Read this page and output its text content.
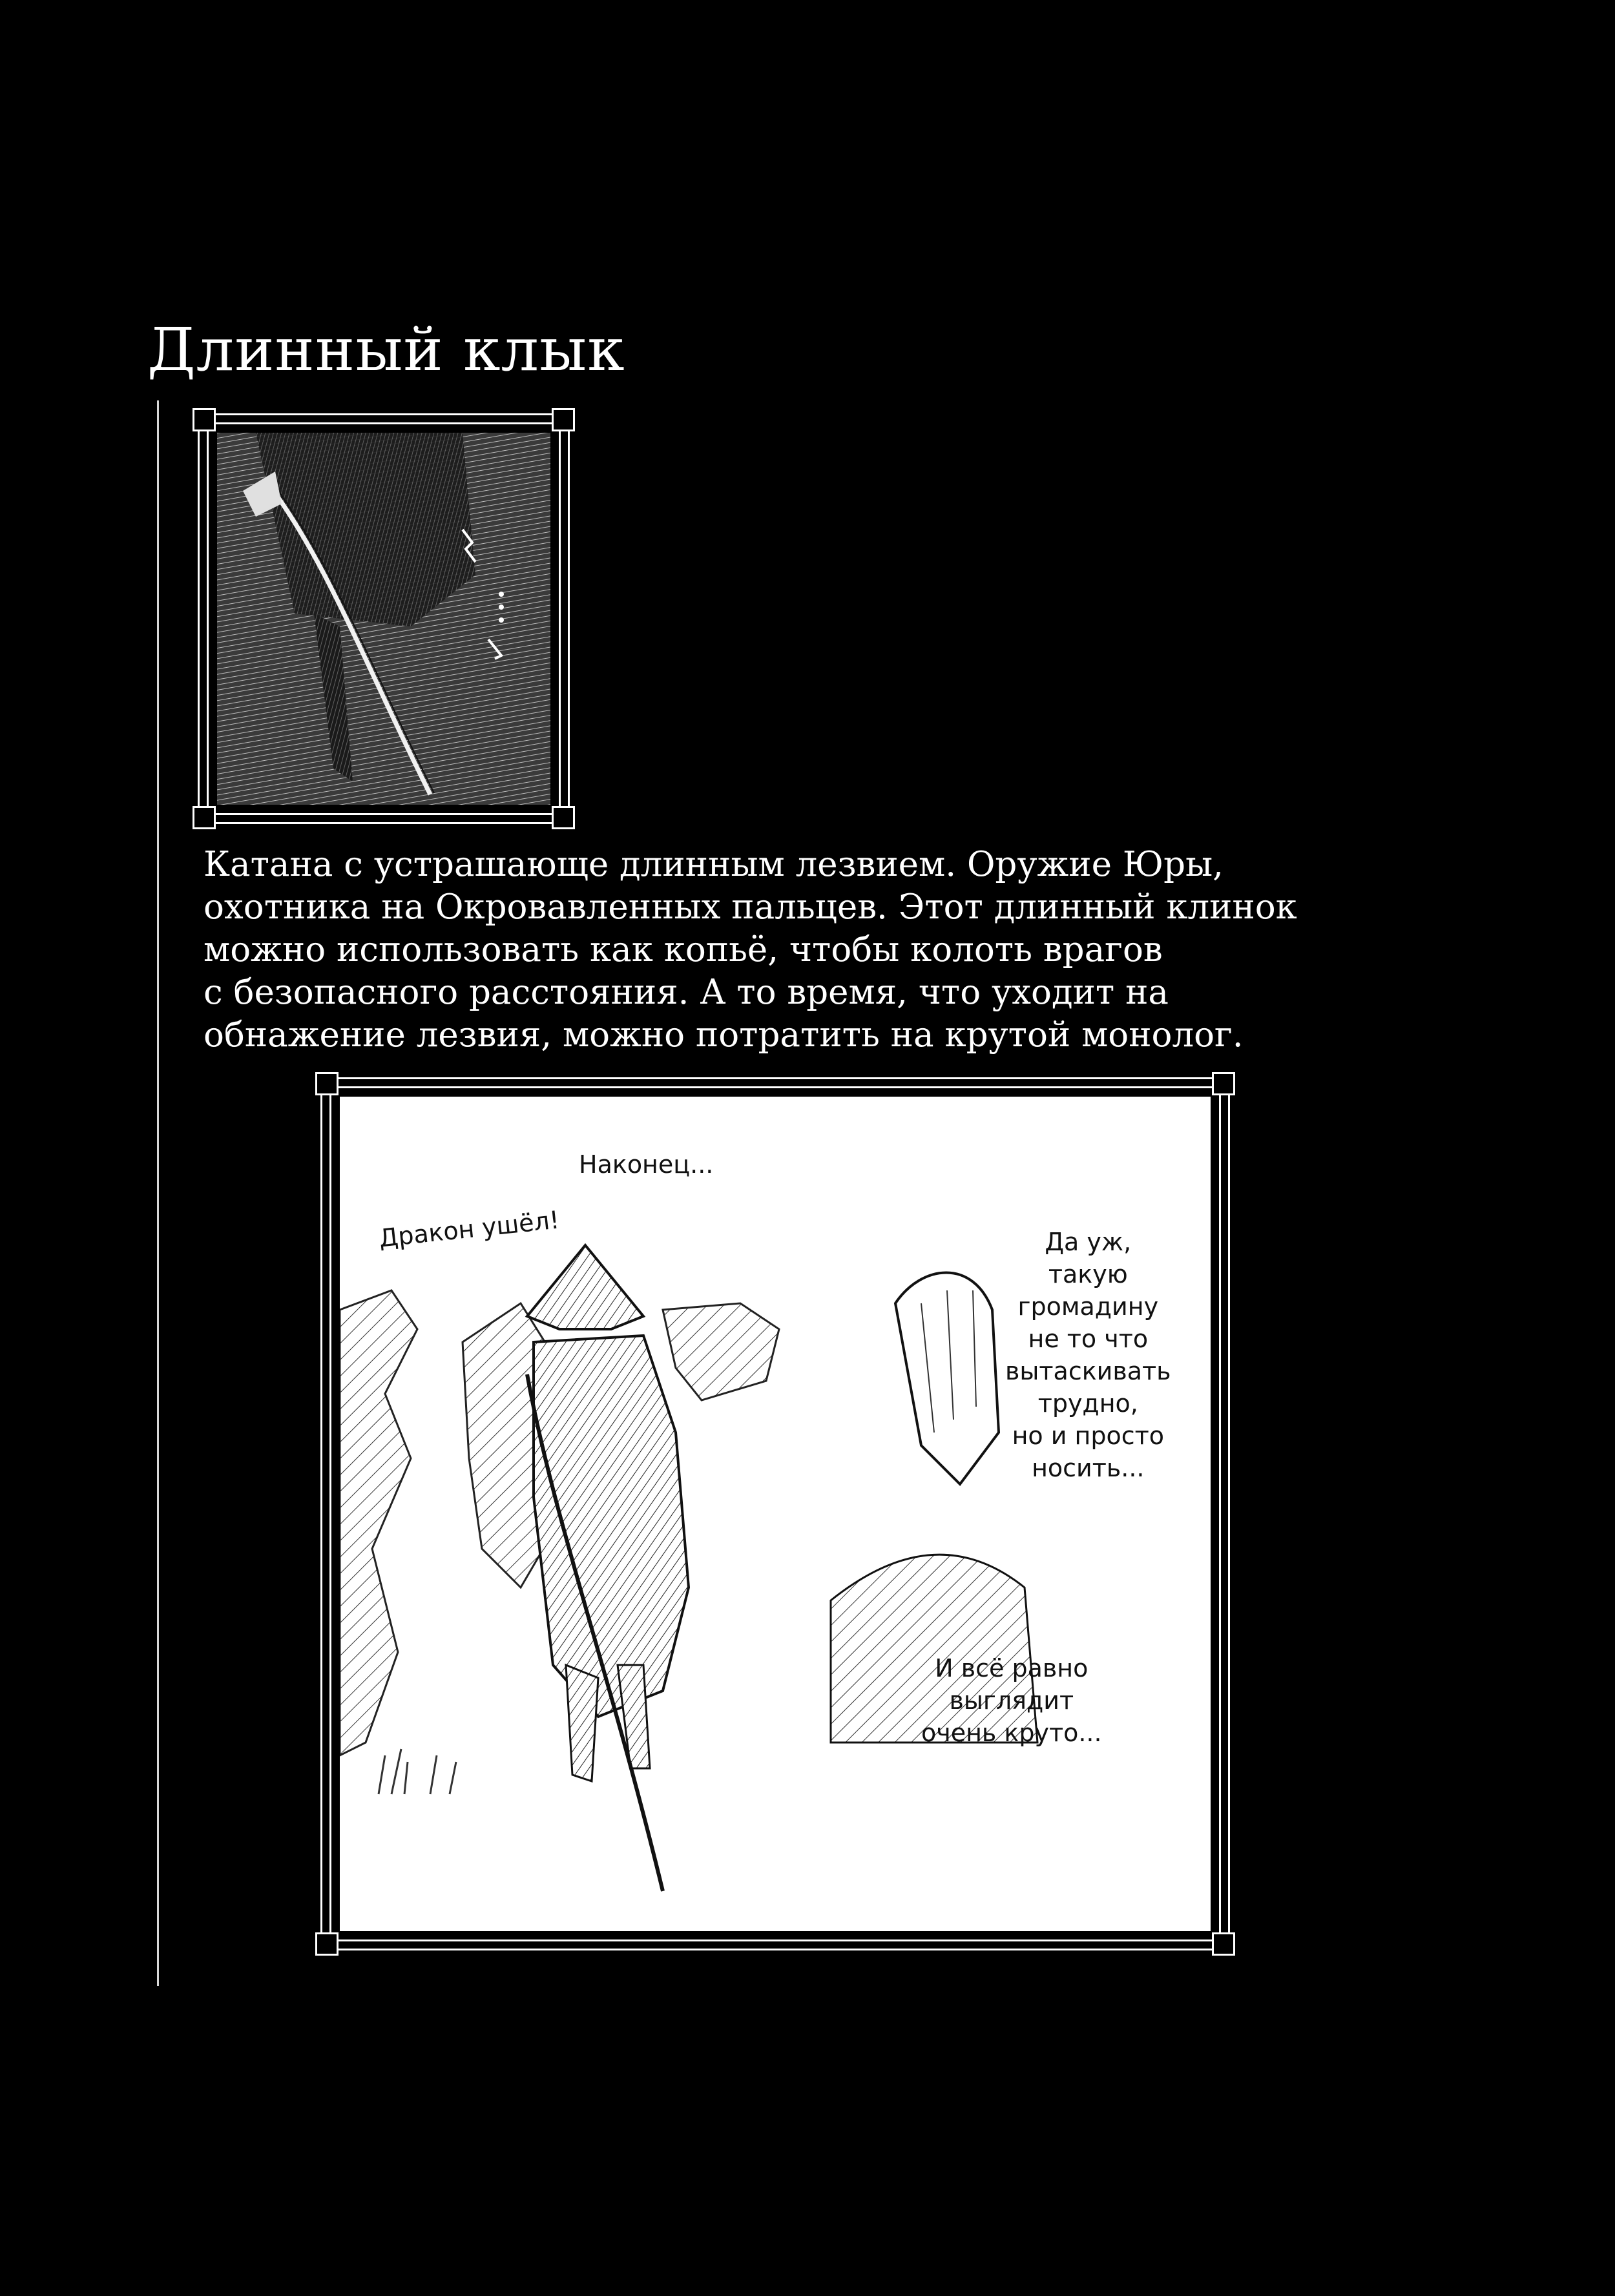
Длинный клык
Катана с устрашающе длинным лезвием. Оружие Юры,
охотника на Окровавленных пальцев. Этот длинный клинок
можно использовать как копьё, чтобы колоть врагов
с безопасного расстояния. А то время, что уходит на
обнажение лезвия, можно потратить на крутой монолог.
Наконец...
Дракон ушёл!	Да уж,
такую
громадину
не то что
вытаскивать
трудно,
но и просто
носить...
И всё равно
выглядит
очень круто...
